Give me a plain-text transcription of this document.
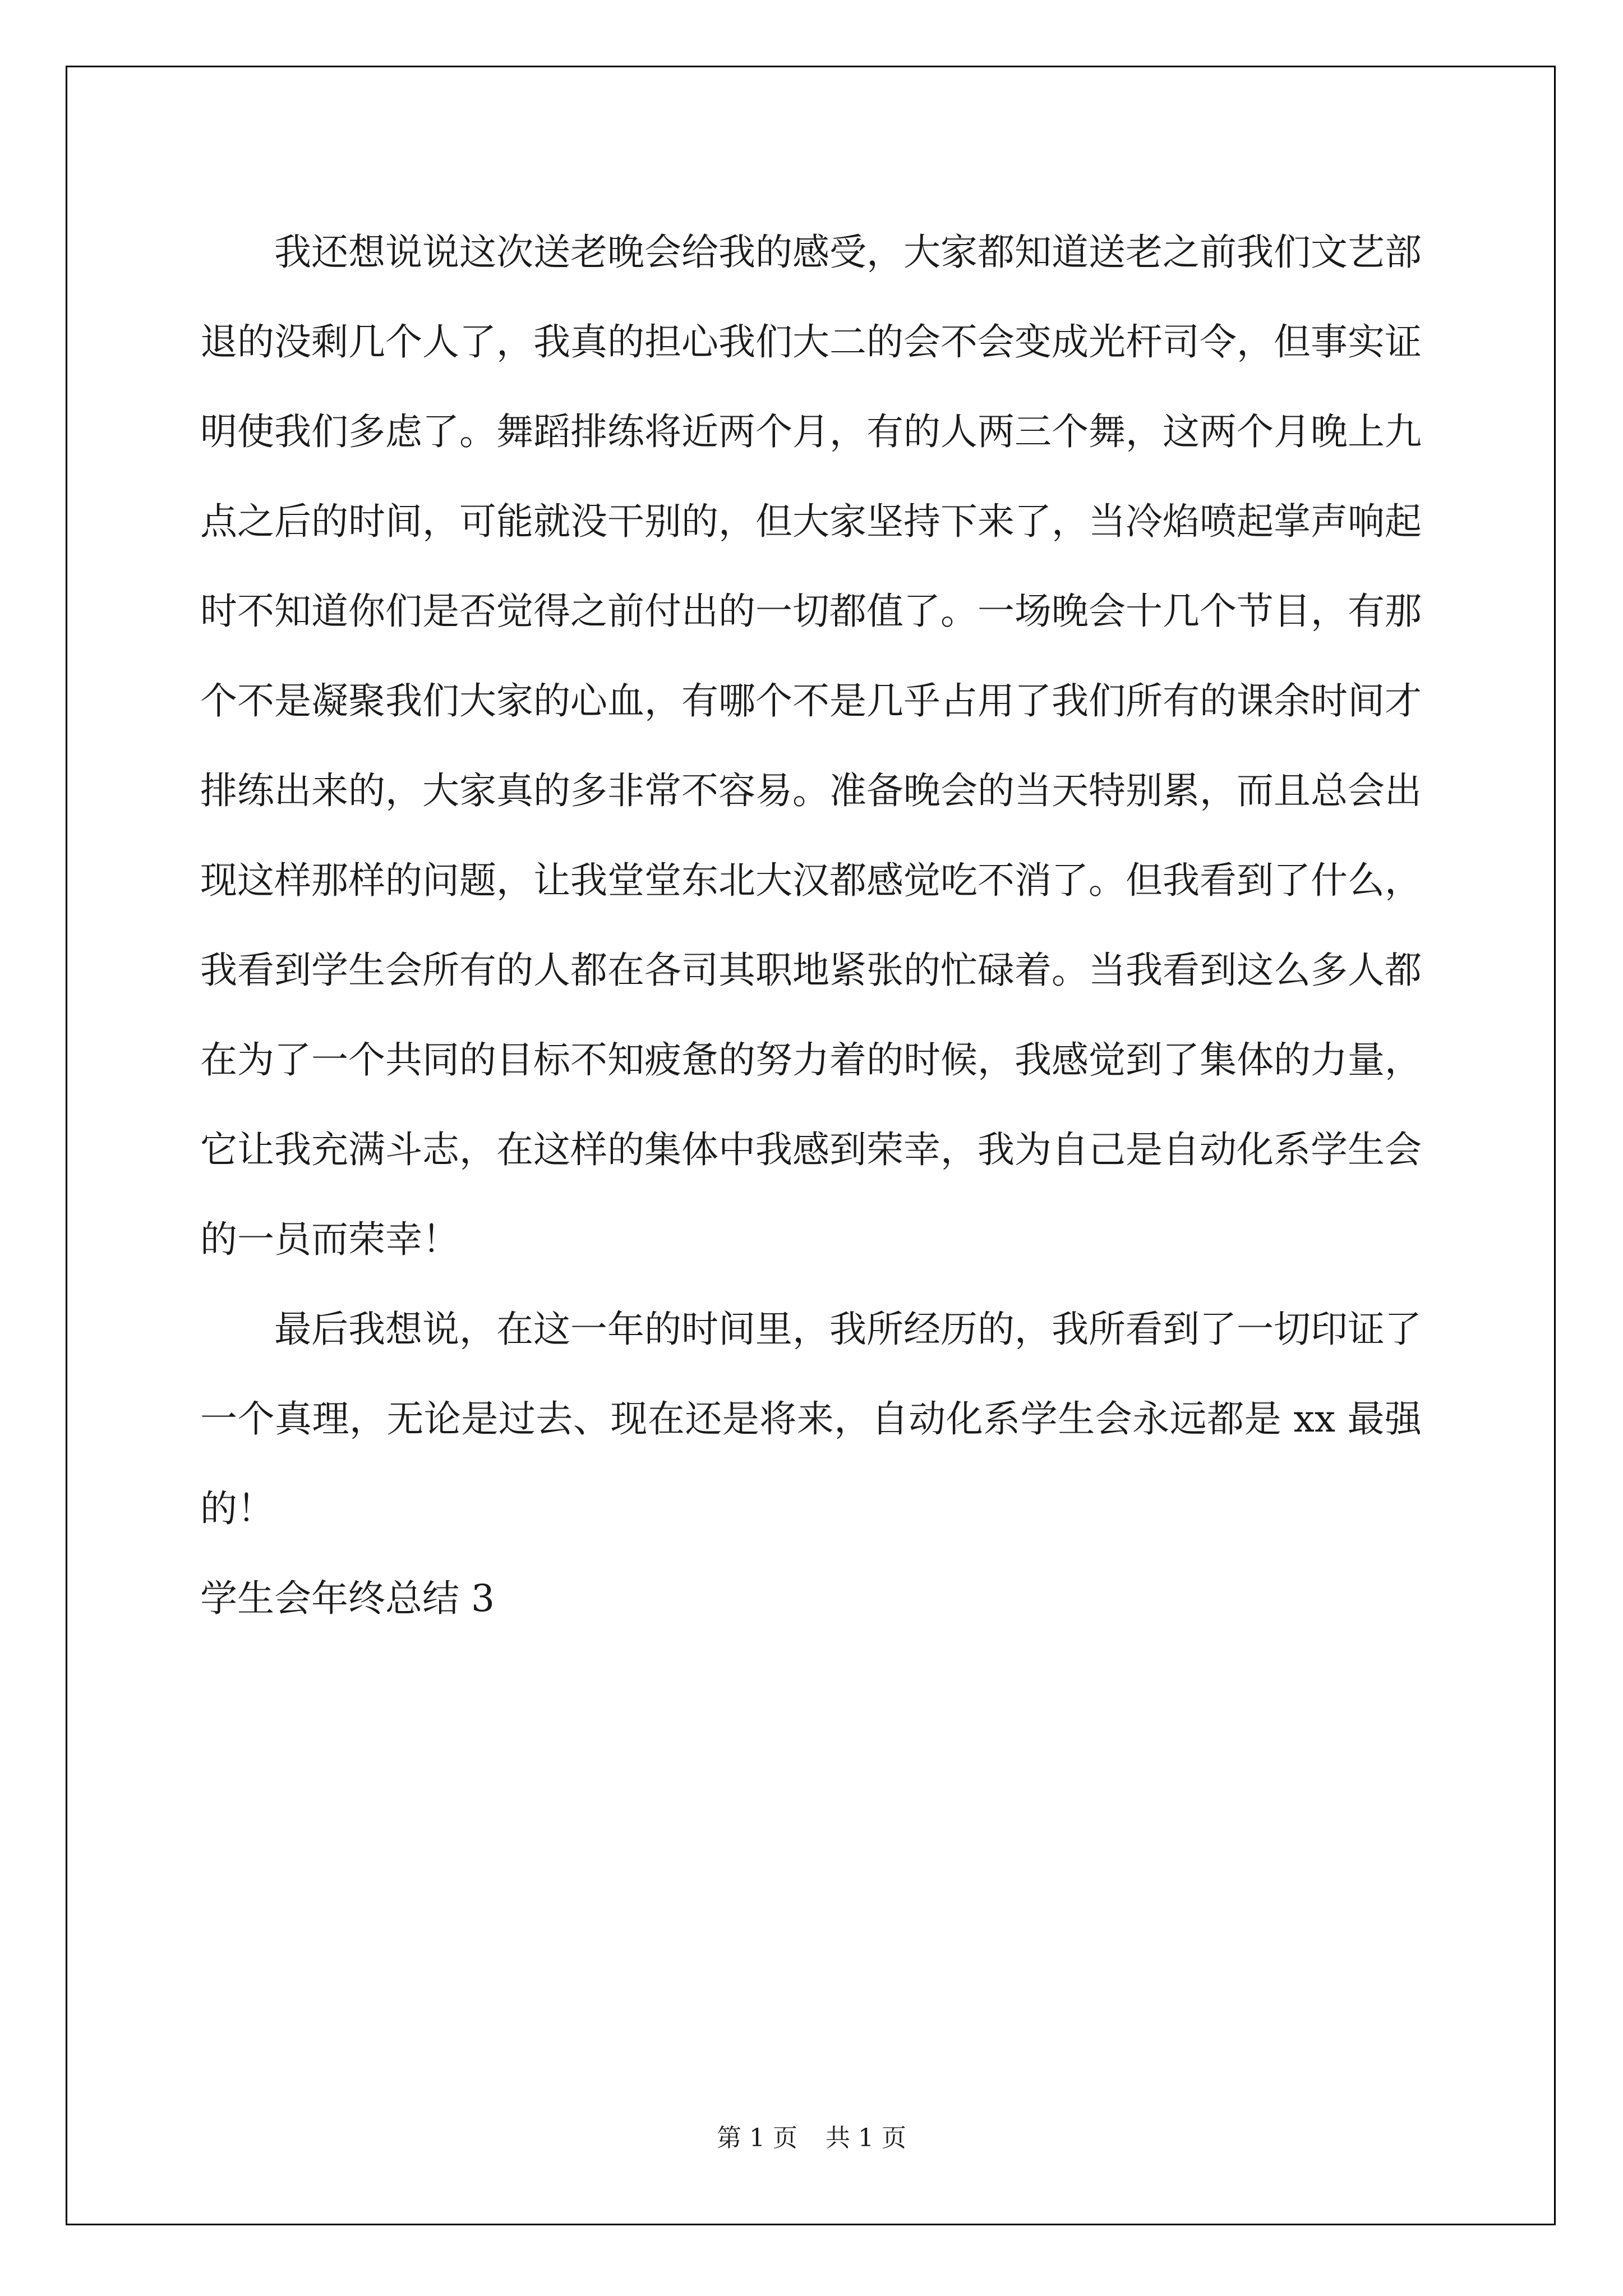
我还想说说这次送老晚会给我的感受，大家都知道送老之前我们文艺部退的没剩几个人了，我真的担心我们大二的会不会变成光杆司令，但事实证明使我们多虑了。舞蹈排练将近两个月，有的人两三个舞，这两个月晚上九点之后的时间，可能就没干别的，但大家坚持下来了，当冷焰喷起掌声响起时不知道你们是否觉得之前付出的一切都值了。一场晚会十几个节目，有那个不是凝聚我们大家的心血，有哪个不是几乎占用了我们所有的课余时间才排练出来的，大家真的多非常不容易。准备晚会的当天特别累，而且总会出现这样那样的问题，让我堂堂东北大汉都感觉吃不消了。但我看到了什么，我看到学生会所有的人都在各司其职地紧张的忙碌着。当我看到这么多人都在为了一个共同的目标不知疲惫的努力着的时候，我感觉到了集体的力量，它让我充满斗志，在这样的集体中我感到荣幸，我为自己是自动化系学生会的一员而荣幸！

最后我想说，在这一年的时间里，我所经历的，我所看到了一切印证了一个真理，无论是过去、现在还是将来，自动化系学生会永远都是 xx 最强的！

学生会年终总结 3

第 1 页 共 1 页
